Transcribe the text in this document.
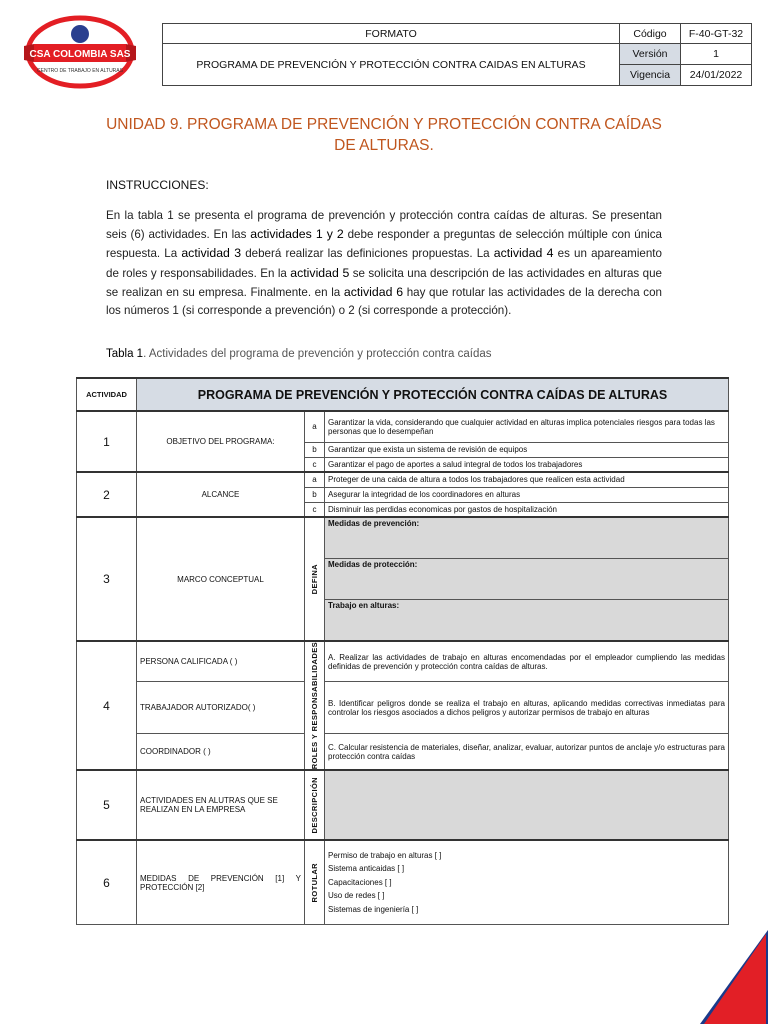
CSA COLOMBIA SAS
CENTRO DE TRABAJO EN ALTURAS
FORMATO	Código	F-40-GT-32
PROGRAMA DE PREVENCIÓN Y PROTECCIÓN CONTRA CAIDAS EN ALTURAS	Versión	1
	Vigencia	24/01/2022
UNIDAD 9. PROGRAMA DE PREVENCIÓN Y PROTECCIÓN CONTRA CAÍDAS DE ALTURAS.
INSTRUCCIONES:
En la tabla 1 se presenta el programa de prevención y protección contra caídas de alturas. Se presentan seis (6) actividades. En las actividades 1 y 2 debe responder a preguntas de selección múltiple con única respuesta. La actividad 3 deberá realizar las definiciones propuestas. La actividad 4 es un apareamiento de roles y responsabilidades. En la actividad 5 se solicita una descripción de las actividades en alturas que se realizan en su empresa. Finalmente. en la actividad 6 hay que rotular las actividades de la derecha con los números 1 (si corresponde a prevención) o 2 (si corresponde a protección).
Tabla 1. Actividades del programa de prevención y protección contra caídas
ACTIVIDAD	PROGRAMA DE PREVENCIÓN Y PROTECCIÓN CONTRA CAÍDAS DE ALTURAS		
1	OBJETIVO DEL PROGRAMA:	a	Garantizar la vida, considerando que cualquier actividad en alturas implica potenciales riesgos para todas las personas que lo desempeñan
		b	Garantizar que exista un sistema de revisión de equipos
		c	Garantizar el pago de aportes a salud integral de todos los trabajadores
2	ALCANCE	a	Proteger de una caida de altura a todos los trabajadores que realicen esta actividad
		b	Asegurar la integridad de los coordinadores en alturas
		c	Disminuir las perdidas economicas por gastos de hospitalización
3	MARCO CONCEPTUAL	DEFINA	Medidas de prevención:
			Medidas de protección:
			Trabajo en alturas:
4	PERSONA CALIFICADA ( )	ROLES Y RESPONSABILIDADES	A. Realizar las actividades de trabajo en alturas encomendadas por el empleador cumpliendo las medidas definidas de prevención y protección contra caídas de alturas.
	TRABAJADOR AUTORIZADO( )		B. Identificar peligros donde se realiza el trabajo en alturas, aplicando medidas correctivas inmediatas para controlar los riesgos asociados a dichos peligros y autorizar permisos de trabajo en alturas
	COORDINADOR ( )		C. Calcular resistencia de materiales, diseñar, analizar, evaluar, autorizar puntos de anclaje y/o estructuras para protección contra caídas
5	ACTIVIDADES EN ALUTRAS QUE SE REALIZAN EN LA EMPRESA	DESCRIPCIÓN	

6	MEDIDAS DE PREVENCIÓN [1] Y PROTECCIÓN [2]	ROTULAR	Permiso de trabajo en alturas [ ]
Sistema anticaidas [ ]
Capacitaciones [ ]
Uso de redes [ ]
Sistemas de ingeniería [ ]
